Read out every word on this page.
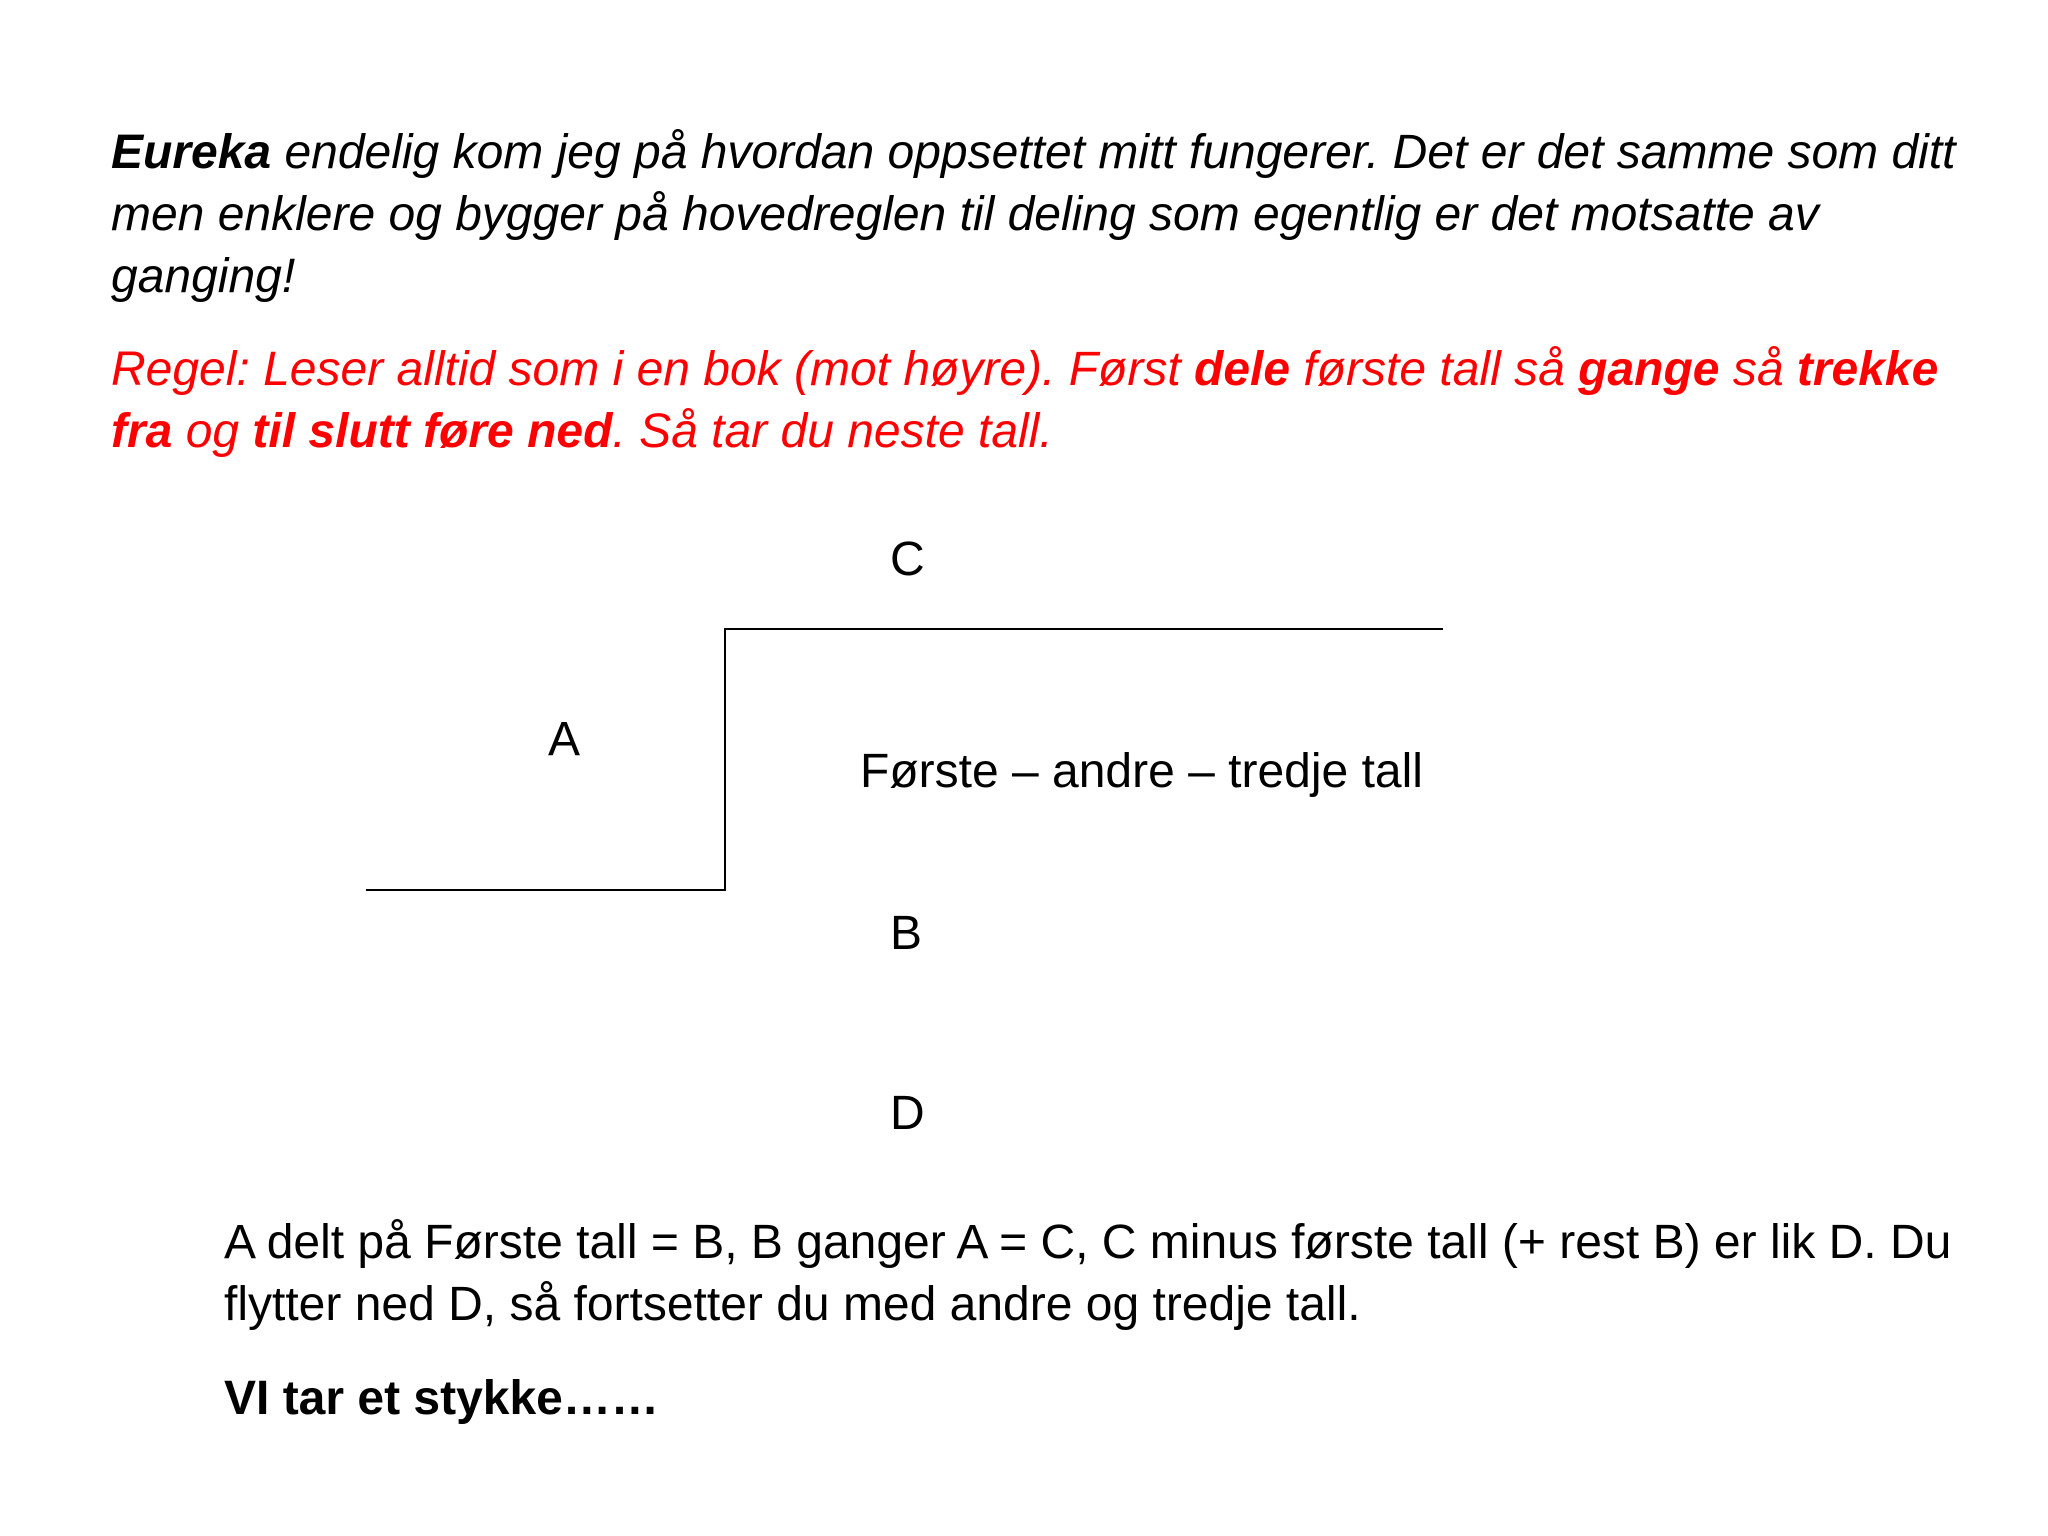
Eureka endelig kom jeg på hvordan oppsettet mitt fungerer. Det er det samme som ditt men enklere og bygger på hovedreglen til deling som egentlig er det motsatte av ganging!

Regel: Leser alltid som i en bok (mot høyre). Først dele første tall så gange så trekke fra og til slutt føre ned. Så tar du neste tall.

C
A
Første – andre – tredje tall
B
D

A delt på Første tall = B, B ganger A = C, C minus første tall (+ rest B) er lik D. Du flytter ned D, så fortsetter du med andre og tredje tall.

VI tar et stykke……
